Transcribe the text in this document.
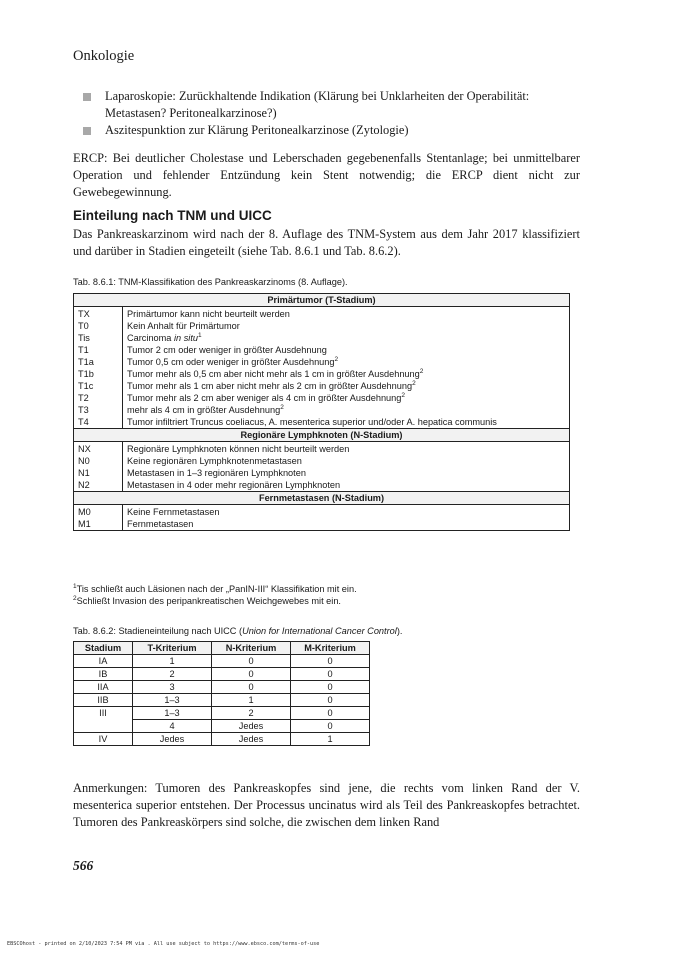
Onkologie
Laparoskopie: Zurückhaltende Indikation (Klärung bei Unklarheiten der Operabilität: Metastasen? Peritonealkarzinose?)
Aszitespunktion zur Klärung Peritonealkarzinose (Zytologie)

ERCP: Bei deutlicher Cholestase und Leberschaden gegebenenfalls Stentanlage; bei unmittelbarer Operation und fehlender Entzündung kein Stent notwendig; die ERCP dient nicht zur Gewebegewinnung.

Einteilung nach TNM und UICC

Das Pankreaskarzinom wird nach der 8. Auflage des TNM-System aus dem Jahr 2017 klassifiziert und darüber in Stadien eingeteilt (siehe Tab. 8.6.1 und Tab. 8.6.2).

Tab. 8.6.1: TNM-Klassifikation des Pankreaskarzinoms (8. Auflage).
Primärtumor (T-Stadium)	
TX	Primärtumor kann nicht beurteilt werden
T0	Kein Anhalt für Primärtumor
Tis	Carcinoma in situ$^1$
T1	Tumor 2 cm oder weniger in größter Ausdehnung
T1a	Tumor 0,5 cm oder weniger in größter Ausdehnung$^2$
T1b	Tumor mehr als 0,5 cm aber nicht mehr als 1 cm in größter Ausdehnung$^2$
T1c	Tumor mehr als 1 cm aber nicht mehr als 2 cm in größter Ausdehnung$^2$
T2	Tumor mehr als 2 cm aber weniger als 4 cm in größter Ausdehnung$^2$
T3	mehr als 4 cm in größter Ausdehnung$^2$
T4	Tumor infiltriert Truncus coeliacus, A. mesenterica superior und/oder A. hepatica communis
Regionäre Lymphknoten (N-Stadium)	
NX	Regionäre Lymphknoten können nicht beurteilt werden
N0	Keine regionären Lymphknotenmetastasen
N1	Metastasen in 1–3 regionären Lymphknoten
N2	Metastasen in 4 oder mehr regionären Lymphknoten
Fernmetastasen (N-Stadium)	
M0	Keine Fernmetastasen
M1	Fernmetastasen
$^1$Tis schließt auch Läsionen nach der „PanIN-III“ Klassifikation mit ein.
$^2$Schließt Invasion des peripankreatischen Weichgewebes mit ein.
Tab. 8.6.2: Stadieneinteilung nach UICC (Union for International Cancer Control).
Stadium	T-Kriterium	N-Kriterium	M-Kriterium
IA	1	0	0
IB	2	0	0
IIA	3	0	0
IIB	1–3	1	0
III	1–3	2	0
	4	Jedes	0
IV	Jedes	Jedes	1

Anmerkungen: Tumoren des Pankreaskopfes sind jene, die rechts vom linken Rand der V. mesenterica superior entstehen. Der Processus uncinatus wird als Teil des Pankreaskopfes betrachtet. Tumoren des Pankreaskörpers sind solche, die zwischen dem linken Rand

566
EBSCOhost - printed on 2/10/2023 7:54 PM via . All use subject to https://www.ebsco.com/terms-of-use
